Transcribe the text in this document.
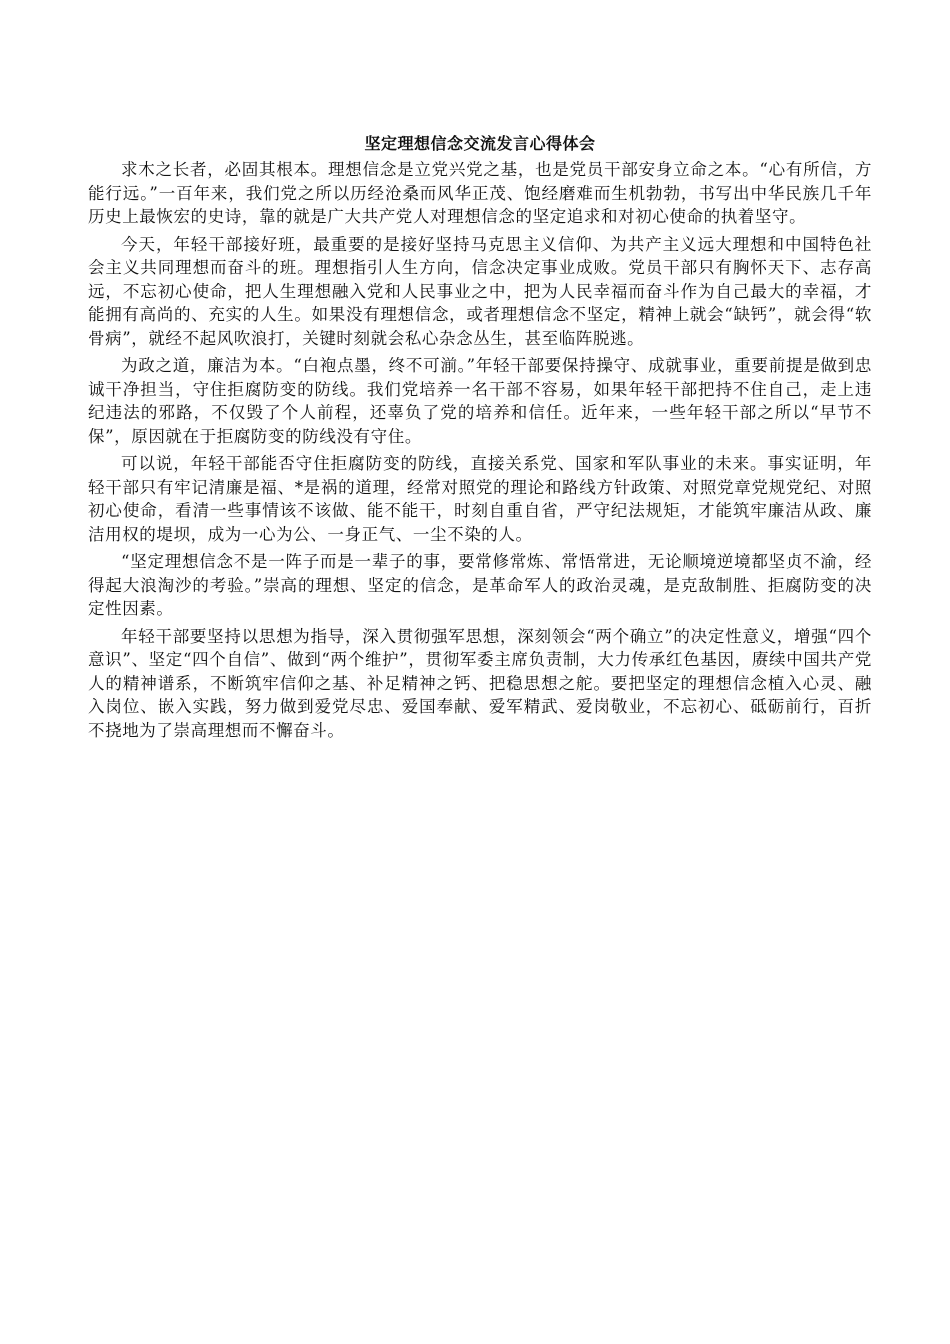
坚定理想信念交流发言心得体会

求木之长者，必固其根本。理想信念是立党兴党之基，也是党员干部安身立命之本。“心有所信，方能行远。”一百年来，我们党之所以历经沧桑而风华正茂、饱经磨难而生机勃勃，书写出中华民族几千年历史上最恢宏的史诗，靠的就是广大共产党人对理想信念的坚定追求和对初心使命的执着坚守。

今天，年轻干部接好班，最重要的是接好坚持马克思主义信仰、为共产主义远大理想和中国特色社会主义共同理想而奋斗的班。理想指引人生方向，信念决定事业成败。党员干部只有胸怀天下、志存高远，不忘初心使命，把人生理想融入党和人民事业之中，把为人民幸福而奋斗作为自己最大的幸福，才能拥有高尚的、充实的人生。如果没有理想信念，或者理想信念不坚定，精神上就会“缺钙”，就会得“软骨病”，就经不起风吹浪打，关键时刻就会私心杂念丛生，甚至临阵脱逃。

为政之道，廉洁为本。“白袍点墨，终不可湔。”年轻干部要保持操守、成就事业，重要前提是做到忠诚干净担当，守住拒腐防变的防线。我们党培养一名干部不容易，如果年轻干部把持不住自己，走上违纪违法的邪路，不仅毁了个人前程，还辜负了党的培养和信任。近年来，一些年轻干部之所以“早节不保”，原因就在于拒腐防变的防线没有守住。

可以说，年轻干部能否守住拒腐防变的防线，直接关系党、国家和军队事业的未来。事实证明，年轻干部只有牢记清廉是福、*是祸的道理，经常对照党的理论和路线方针政策、对照党章党规党纪、对照初心使命，看清一些事情该不该做、能不能干，时刻自重自省，严守纪法规矩，才能筑牢廉洁从政、廉洁用权的堤坝，成为一心为公、一身正气、一尘不染的人。

“坚定理想信念不是一阵子而是一辈子的事，要常修常炼、常悟常进，无论顺境逆境都坚贞不渝，经得起大浪淘沙的考验。”崇高的理想、坚定的信念，是革命军人的政治灵魂，是克敌制胜、拒腐防变的决定性因素。

年轻干部要坚持以思想为指导，深入贯彻强军思想，深刻领会“两个确立”的决定性意义，增强“四个意识”、坚定“四个自信”、做到“两个维护”，贯彻军委主席负责制，大力传承红色基因，赓续中国共产党人的精神谱系，不断筑牢信仰之基、补足精神之钙、把稳思想之舵。要把坚定的理想信念植入心灵、融入岗位、嵌入实践，努力做到爱党尽忠、爱国奉献、爱军精武、爱岗敬业，不忘初心、砥砺前行，百折不挠地为了崇高理想而不懈奋斗。
